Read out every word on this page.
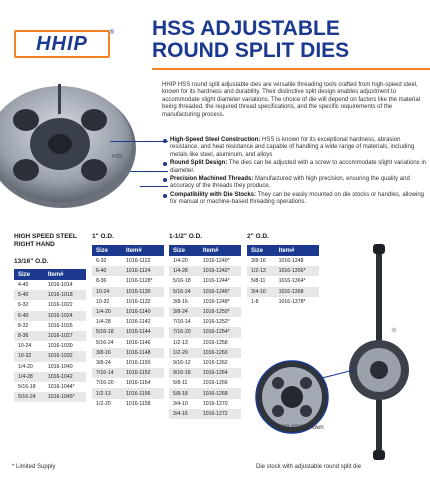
HHIP	® HSS ADJUSTABLE ROUND SPLIT DIES
HSS
HHIP HSS round split adjustable dies are versatile threading tools crafted from high-speed steel, known for its hardness and durability. Their distinctive split design enables adjustment to accommodate slight diameter variations. The choice of die will depend on factors like the material being threaded, the required thread specifications, and the specific requirements of the manufacturing process.
High-Speed Steel Construction: HSS is known for its exceptional hardness, abrasion resistance, and heat resistance and capable of handling a wide range of materials, including metals like steel, aluminum, and alloys
Round Split Design: The dies can be adjusted with a screw to accommodate slight variations in diameter.
Precision Machined Threads: Manufactured with high precision, ensuring the quality and accuracy of the threads they produce.
Compatibility with Die Stocks: They can be easily mounted on die stocks or handles, allowing for manual or machine-based threading operations.
HIGH SPEED STEEL RIGHT HAND
13/16" O.D.
Size	Item#
4-40	1016-1014
5-40	1016-1018
6-32	1016-1022
6-40	1016-1024
8-32	1016-1026
8-36	1016-1027
10-24	1016-1030
10-32	1016-1032
1/4-20	1016-1040
1/4-28	1016-1042
5/16-18	1016-1044*
5/16-24	1016-1045*
1" O.D.
Size	Item#
6-32	1016-1122
6-40	1016-1124
8-36	1016-1128*
10-24	1016-1130
10-32	1016-1132
1/4-20	1016-1140
1/4-28	1016-1142
5/16-18	1016-1144
5/16-24	1016-1146
3/8-16	1016-1148
3/8-24	1016-1150
7/16-14	1016-1152
7/16-20	1016-1154
1/2-13	1016-1156
1/2-20	1016-1158
1-1/2" O.D.
Size	Item#
1/4-20	1016-1240*
1/4-28	1016-1242*
5/16-18	1016-1244*
5/16-24	1016-1246*
3/8-16	1016-1248*
3/8-24	1016-1250*
7/16-14	1016-1252*
7/16-20	1016-1254*
1/2-13	1016-1258
1/2-20	1016-1260
9/16-12	1016-1262
9/16-18	1016-1264
5/8-11	1016-1266
5/8-18	1016-1268
3/4-10	1016-1270
3/4-16	1016-1272
2" O.D.
Size	Item#
3/8-16	1016-1348
1/2-13	1016-1356*
5/8-11	1016-1364*
3/4-10	1016-1368
1-8	1016-1378*
3900-0226 shown
* Limited Supply	Die stock with adjustable round split die
